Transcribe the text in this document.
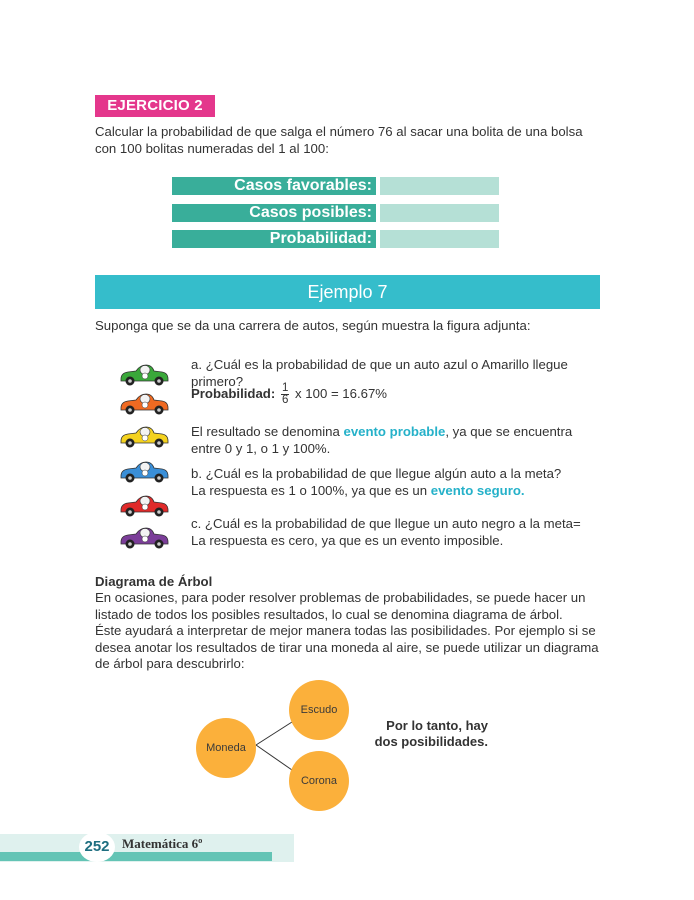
EJERCICIO 2
Calcular la probabilidad de que salga el número 76 al sacar una bolita de una bolsa
con 100 bolitas numeradas del 1 al 100:
Casos favorables:
Casos posibles:
Probabilidad:
Ejemplo 7
Suponga que se da una carrera de autos, según muestra la figura adjunta:
a. ¿Cuál es la probabilidad de que un auto azul o Amarillo llegue
primero?
Probabilidad: $\frac{1}{6}$ x 100 = 16.67%
El resultado se denomina evento probable, ya que se encuentra
entre 0 y 1, o 1 y 100%.
b. ¿Cuál es la probabilidad de que llegue algún auto a la meta?
La respuesta es 1 o 100%, ya que es un evento seguro.
c. ¿Cuál es la probabilidad de que llegue un auto negro a la meta=
La respuesta es cero, ya que es un evento imposible.
Diagrama de Árbol
En ocasiones, para poder resolver problemas de probabilidades, se puede hacer un
listado de todos los posibles resultados, lo cual se denomina diagrama de árbol.
Éste ayudará a interpretar de mejor manera todas las posibilidades. Por ejemplo si se
desea anotar los resultados de tirar una moneda al aire, se puede utilizar un diagrama
de árbol para descubrirlo:
Moneda
Escudo
Corona
Por lo tanto, hay
dos posibilidades.
252 Matemática 6º
